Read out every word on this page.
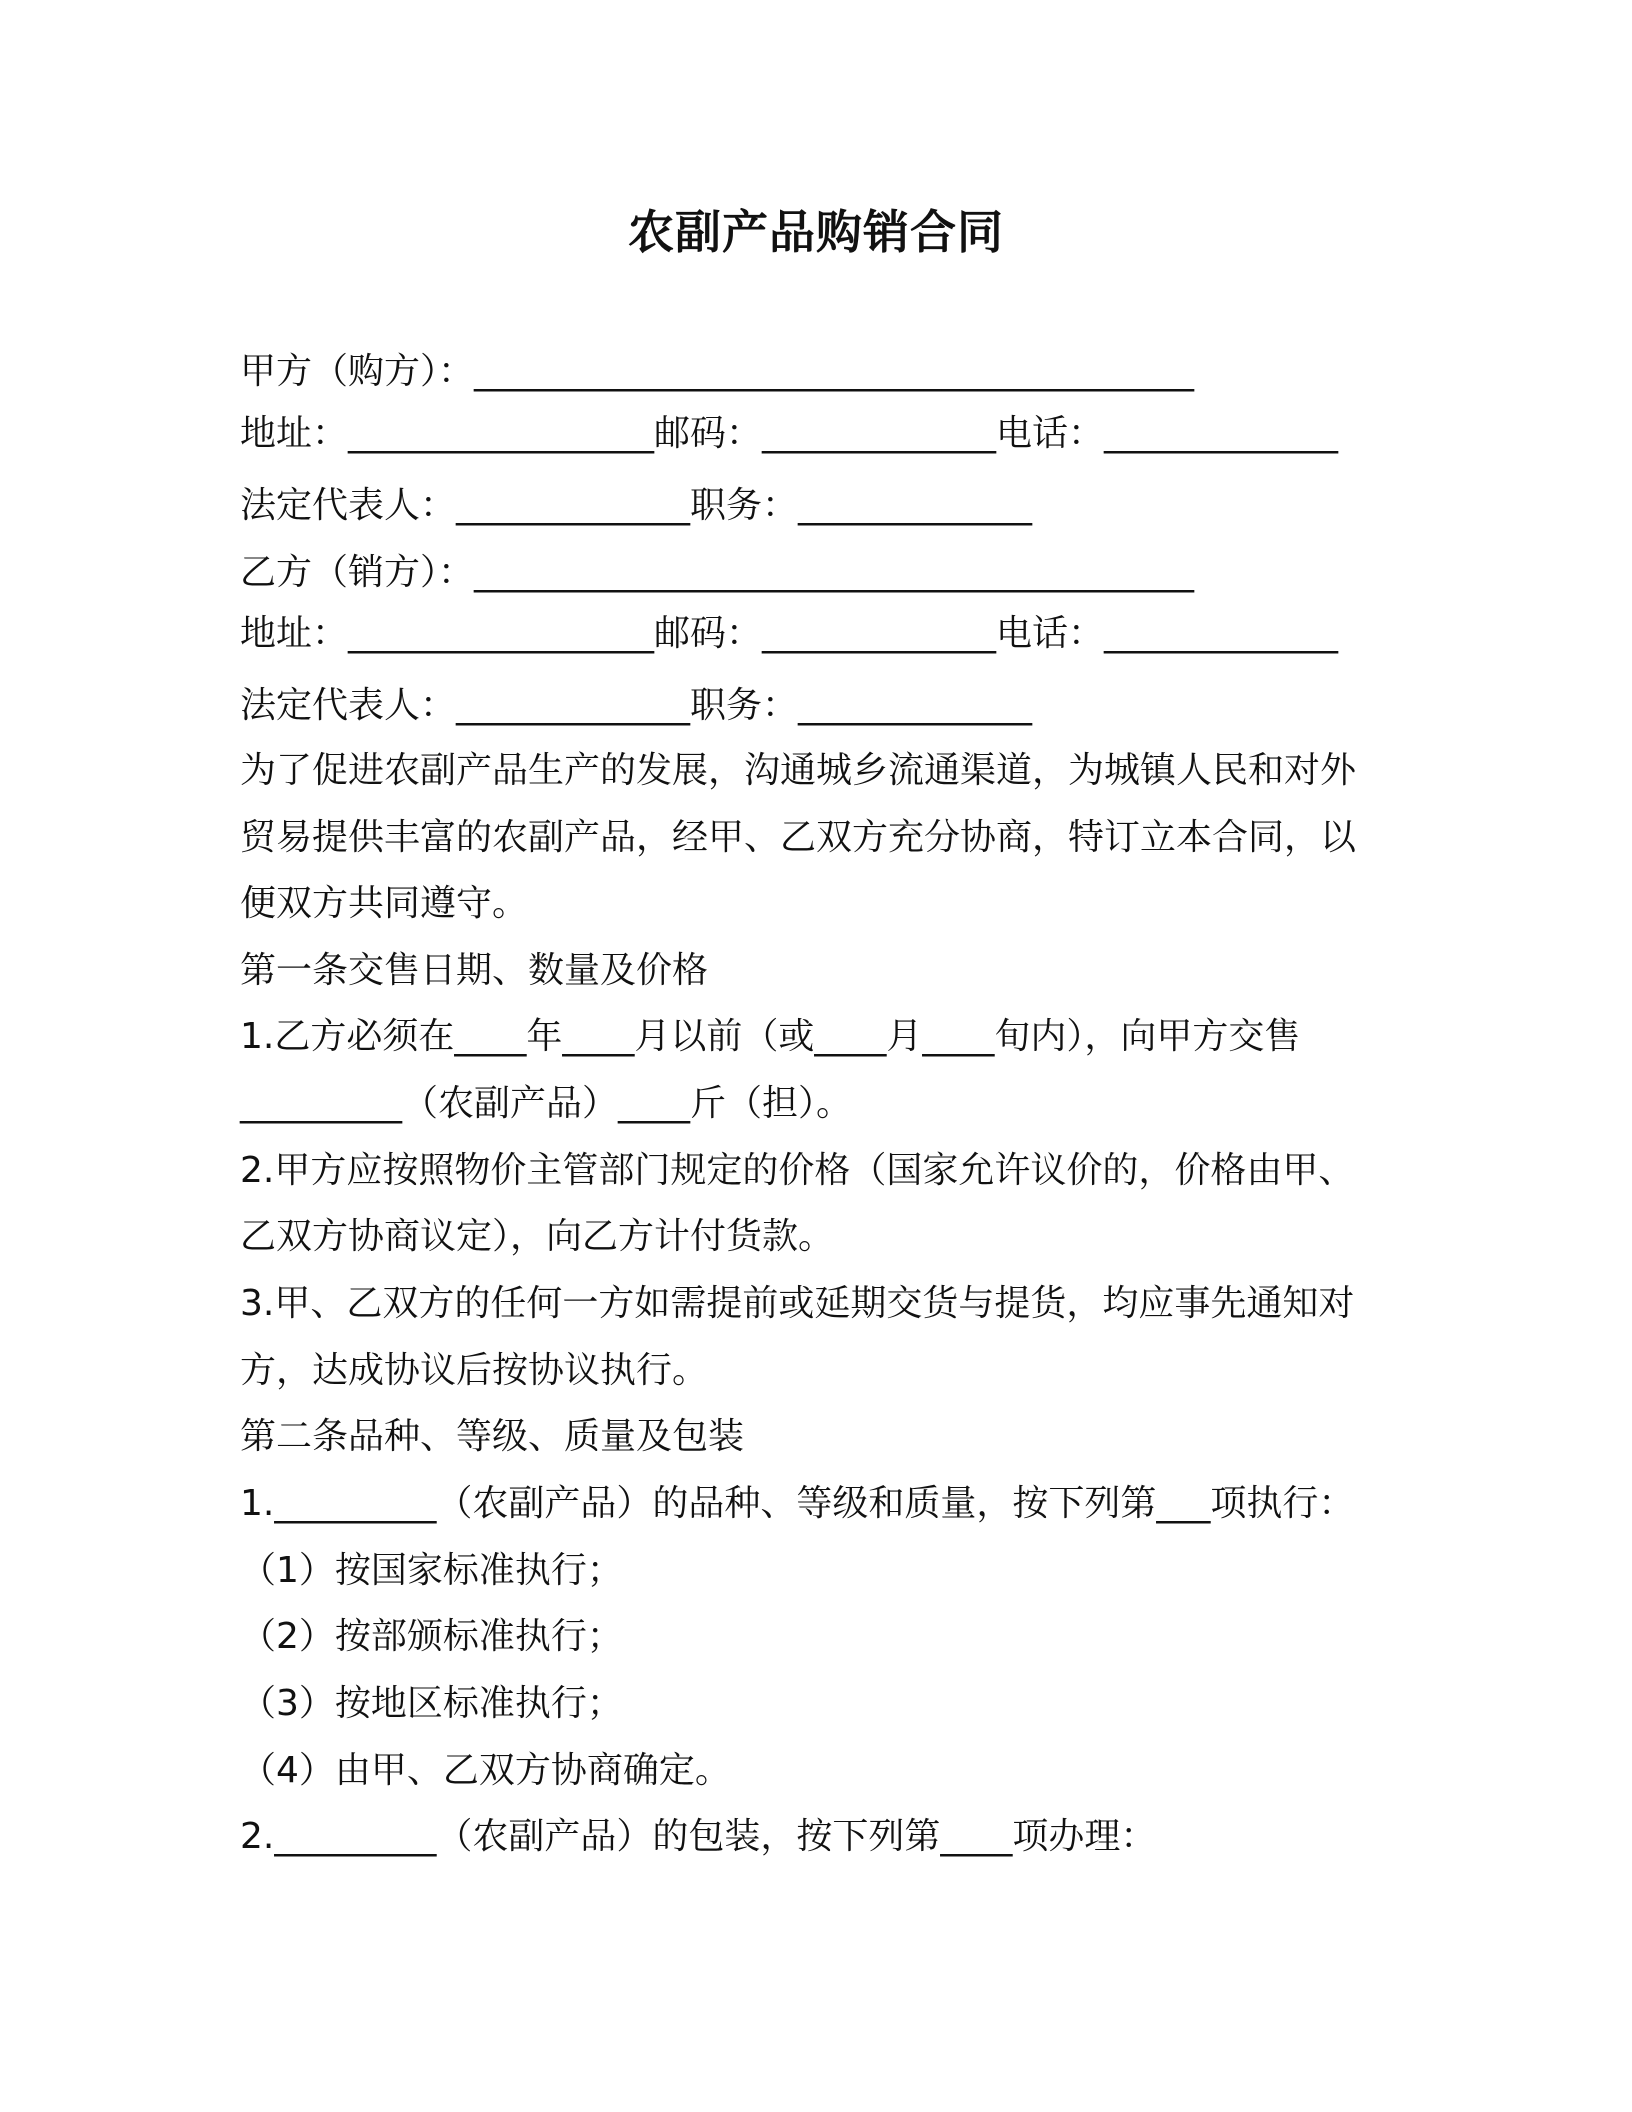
农副产品购销合同
甲方（购方）：________________________________________
地址：_________________邮码：_____________电话：_____________
法定代表人：_____________职务：_____________
乙方（销方）：________________________________________
地址：_________________邮码：_____________电话：_____________
法定代表人：_____________职务：_____________
为了促进农副产品生产的发展，沟通城乡流通渠道，为城镇人民和对外
贸易提供丰富的农副产品，经甲、乙双方充分协商，特订立本合同，以
便双方共同遵守。
第一条交售日期、数量及价格
1.乙方必须在____年____月以前（或____月____旬内），向甲方交售
_________（农副产品）____斤（担）。
2.甲方应按照物价主管部门规定的价格（国家允许议价的，价格由甲、
乙双方协商议定），向乙方计付货款。
3.甲、乙双方的任何一方如需提前或延期交货与提货，均应事先通知对
方，达成协议后按协议执行。
第二条品种、等级、质量及包装
1._________（农副产品）的品种、等级和质量，按下列第___项执行：
（1）按国家标准执行；
（2）按部颁标准执行；
（3）按地区标准执行；
（4）由甲、乙双方协商确定。
2._________（农副产品）的包装，按下列第____项办理：
